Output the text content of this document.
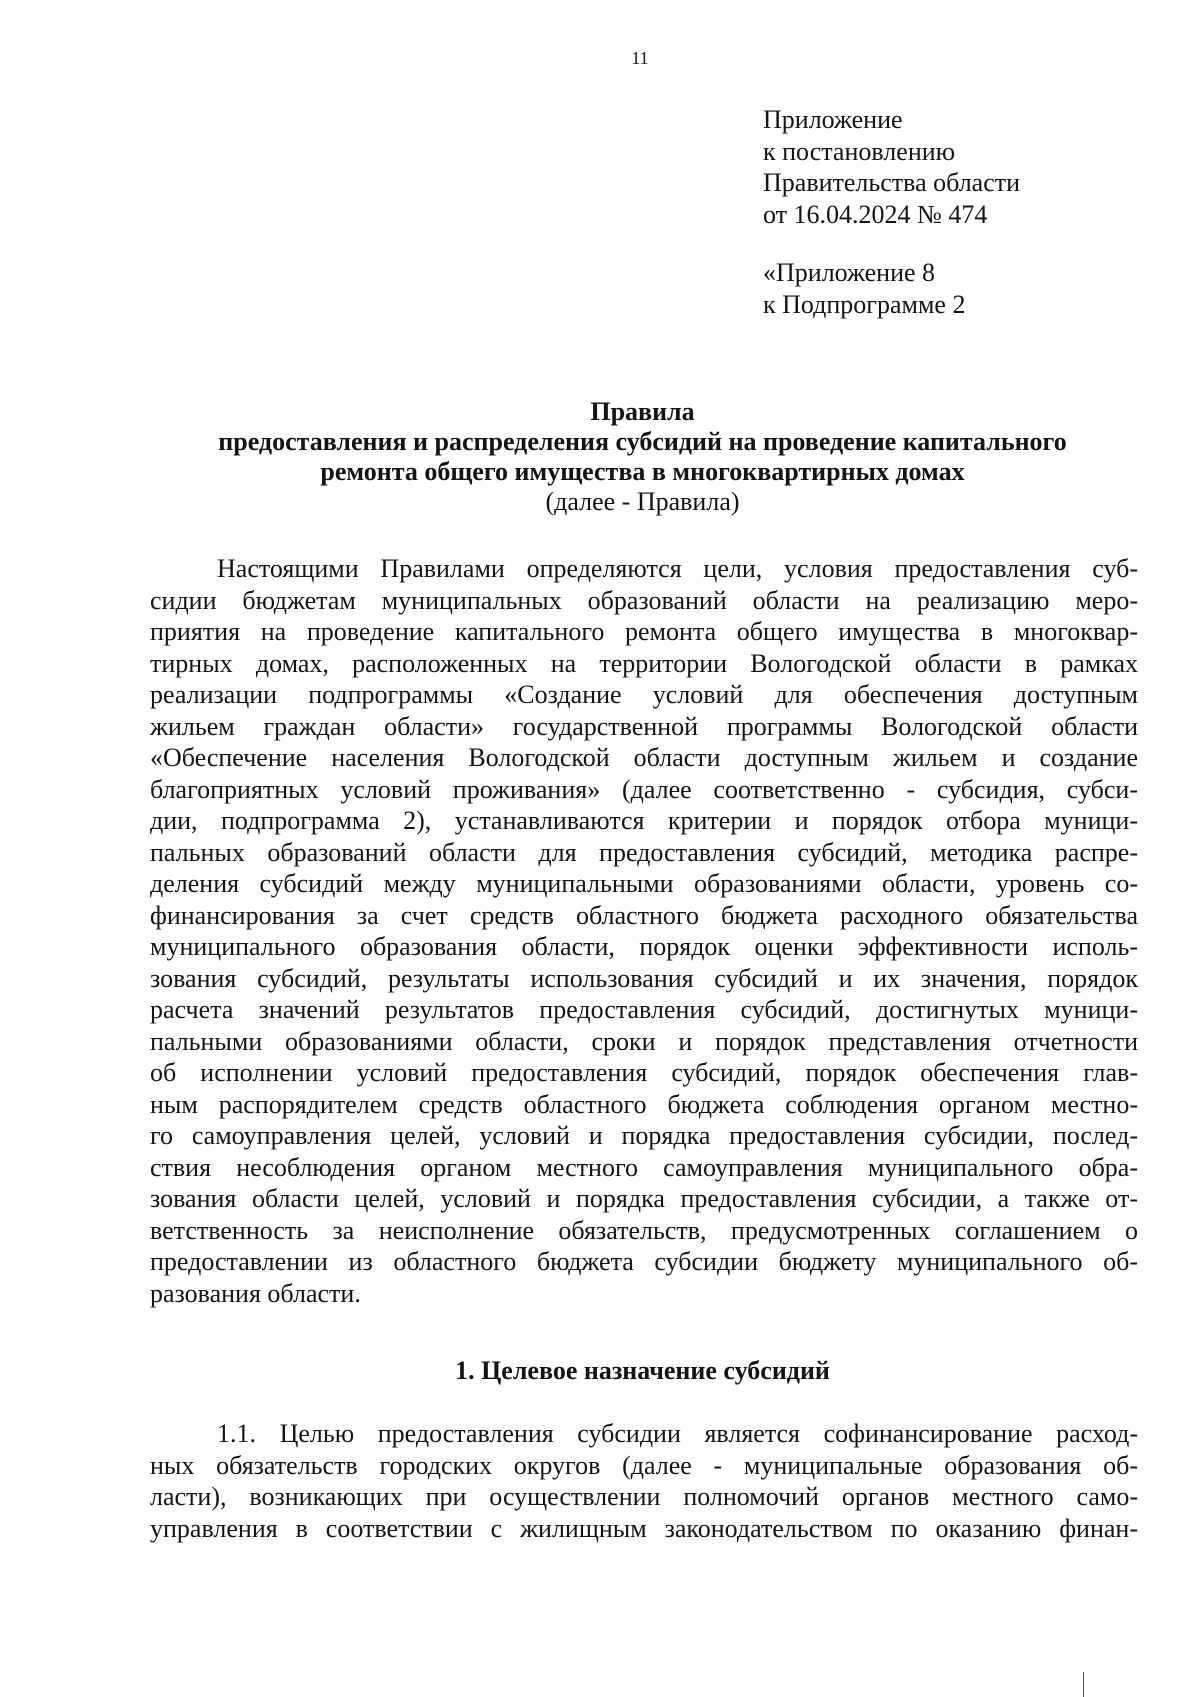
11
Приложение
к постановлению
Правительства области
от 16.04.2024 № 474
«Приложение 8
к Подпрограмме 2
Правила
предоставления и распределения субсидий на проведение капитального
ремонта общего имущества в многоквартирных домах
(далее - Правила)
Настоящими Правилами определяются цели, условия предоставления суб-
сидии бюджетам муниципальных образований области на реализацию меро-
приятия на проведение капитального ремонта общего имущества в многоквар-
тирных домах, расположенных на территории Вологодской области в рамках
реализации подпрограммы «Создание условий для обеспечения доступным
жильем граждан области» государственной программы Вологодской области
«Обеспечение населения Вологодской области доступным жильем и создание
благоприятных условий проживания» (далее соответственно - субсидия, субси-
дии, подпрограмма 2), устанавливаются критерии и порядок отбора муници-
пальных образований области для предоставления субсидий, методика распре-
деления субсидий между муниципальными образованиями области, уровень со-
финансирования за счет средств областного бюджета расходного обязательства
муниципального образования области, порядок оценки эффективности исполь-
зования субсидий, результаты использования субсидий и их значения, порядок
расчета значений результатов предоставления субсидий, достигнутых муници-
пальными образованиями области, сроки и порядок представления отчетности
об исполнении условий предоставления субсидий, порядок обеспечения глав-
ным распорядителем средств областного бюджета соблюдения органом местно-
го самоуправления целей, условий и порядка предоставления субсидии, послед-
ствия несоблюдения органом местного самоуправления муниципального обра-
зования области целей, условий и порядка предоставления субсидии, а также от-
ветственность за неисполнение обязательств, предусмотренных соглашением о
предоставлении из областного бюджета субсидии бюджету муниципального об-
разования области.
1. Целевое назначение субсидий
1.1. Целью предоставления субсидии является софинансирование расход-
ных обязательств городских округов (далее - муниципальные образования об-
ласти), возникающих при осуществлении полномочий органов местного само-
управления в соответствии с жилищным законодательством по оказанию финан-
